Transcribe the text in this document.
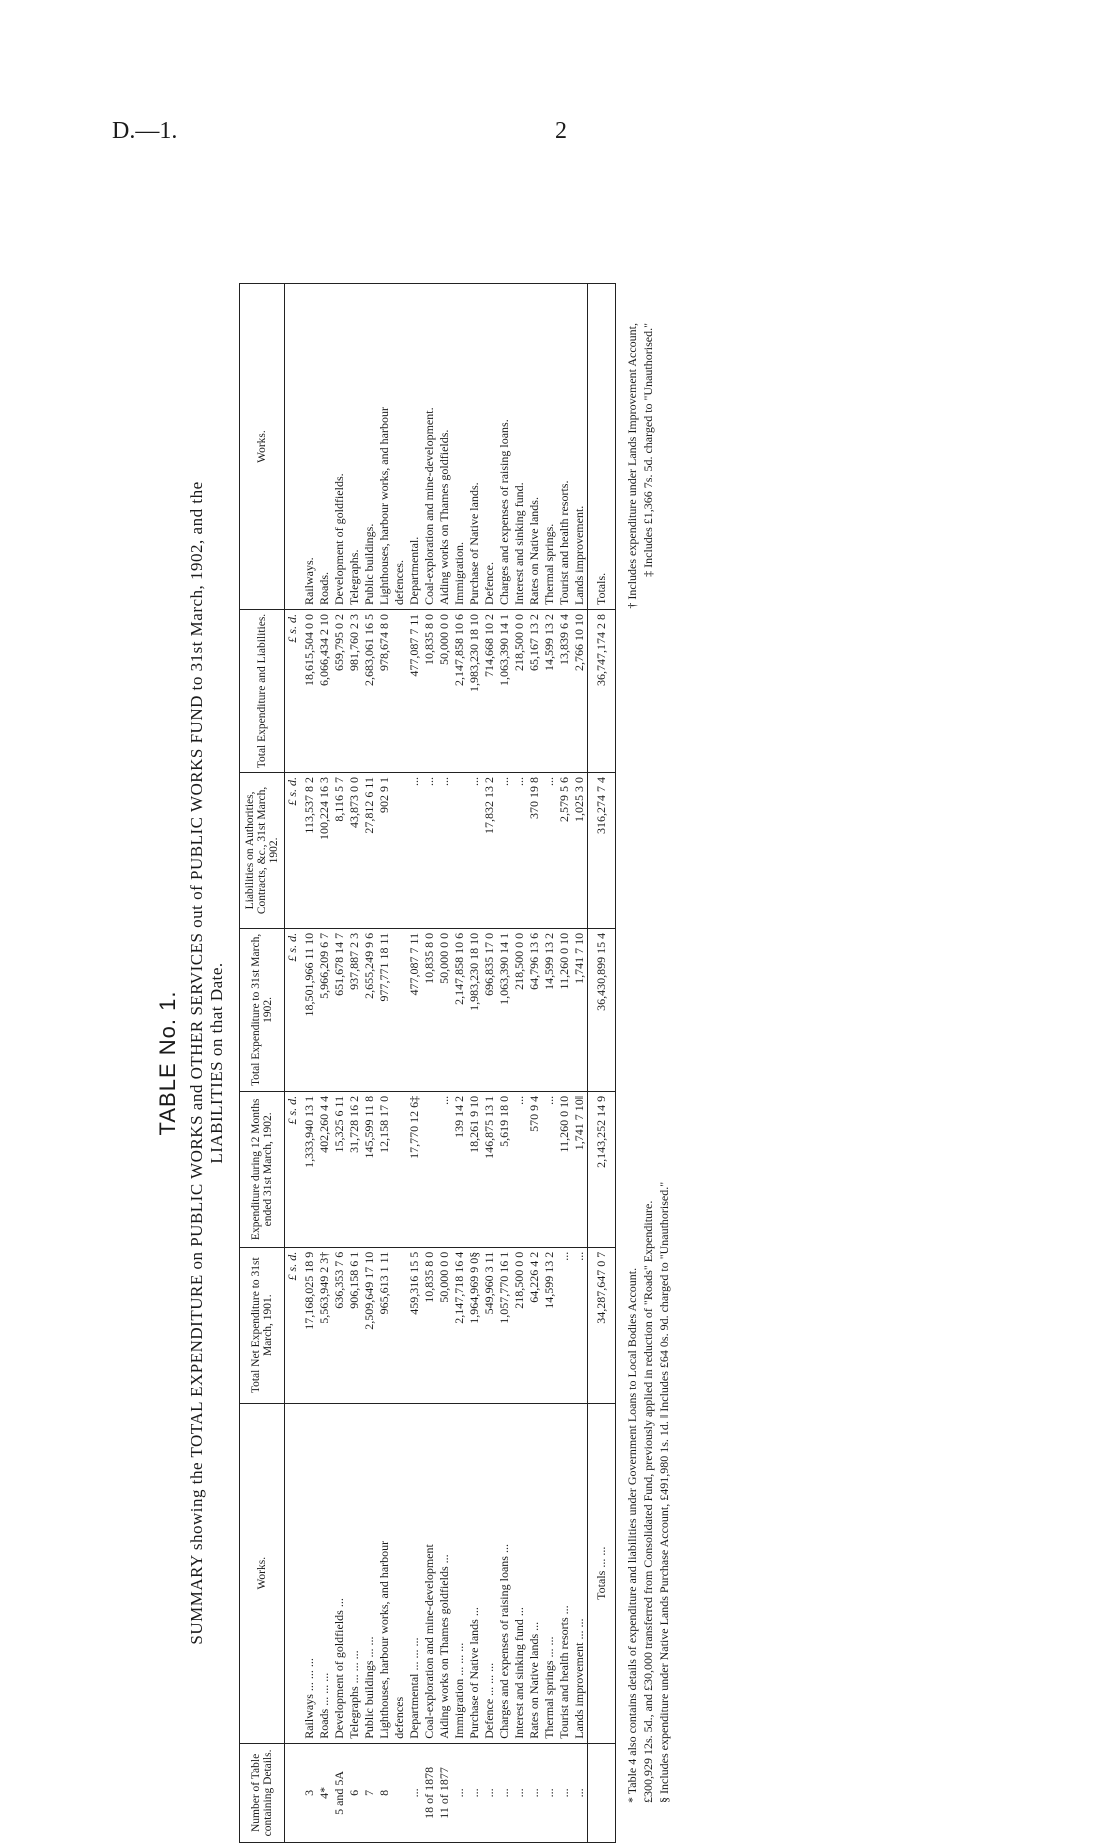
D.—1.	2
TABLE No. 1. SUMMARY showing the TOTAL EXPENDITURE on PUBLIC WORKS and OTHER SERVICES out of PUBLIC WORKS FUND to 31st March, 1902, and the LIABILITIES on that Date.
Number of Table containing Details.	Works.	Total Net Expenditure to 31st March, 1901.	Expenditure during 12 Months ended 31st March, 1902.	Total Expenditure to 31st March, 1902.	Liabilities on Authorities, Contracts, &c., 31st March, 1902.	Total Expenditure and Liabilities.	Works.
		£ s. d.	£ s. d.	£ s. d.	£ s. d.	£ s. d.	
3	Railways ... ... ...	17,168,025 18 9	1,333,940 13 1	18,501,966 11 10	113,537 8 2	18,615,504 0 0	Railways.
4*	Roads ... ... ...	5,563,949 2 3†	402,260 4 4	5,966,209 6 7	100,224 16 3	6,066,434 2 10	Roads.
5 and 5A	Development of goldfields ...	636,353 7 6	15,325 6 11	651,678 14 7	8,116 5 7	659,795 0 2	Development of goldfields.
6	Telegraphs ... ... ...	906,158 6 1	31,728 16 2	937,887 2 3	43,873 0 0	981,760 2 3	Telegraphs.
7	Public buildings ... ...	2,509,649 17 10	145,599 11 8	2,655,249 9 6	27,812 6 11	2,683,061 16 5	Public buildings.
8	Lighthouses, harbour works, and harbour	965,613 1 11	12,158 17 0	977,771 18 11	902 9 1	978,674 8 0	Lighthouses, harbour works, and harbour
	defences						defences.
...	Departmental ... ... ...	459,316 15 5	17,770 12 6‡	477,087 7 11	...	477,087 7 11	Departmental.
18 of 1878	Coal-exploration and mine-development	10,835 8 0		10,835 8 0	...	10,835 8 0	Coal-exploration and mine-development.
11 of 1877	Aiding works on Thames goldfields ...	50,000 0 0	...	50,000 0 0	...	50,000 0 0	Aiding works on Thames goldfields.
...	Immigration ... ... ...	2,147,718 16 4	139 14 2	2,147,858 10 6		2,147,858 10 6	Immigration.
...	Purchase of Native lands ...	1,964,969 9 0§	18,261 9 10	1,983,230 18 10	...	1,983,230 18 10	Purchase of Native lands.
...	Defence ... ... ...	549,960 3 11	146,875 13 1	696,835 17 0	17,832 13 2	714,668 10 2	Defence.
...	Charges and expenses of raising loans ...	1,057,770 16 1	5,619 18 0	1,063,390 14 1	...	1,063,390 14 1	Charges and expenses of raising loans.
...	Interest and sinking fund ...	218,500 0 0	...	218,500 0 0	...	218,500 0 0	Interest and sinking fund.
...	Rates on Native lands ...	64,226 4 2	570 9 4	64,796 13 6	370 19 8	65,167 13 2	Rates on Native lands.
...	Thermal springs ... ...	14,599 13 2	...	14,599 13 2	...	14,599 13 2	Thermal springs.
...	Tourist and health resorts ...	...	11,260 0 10	11,260 0 10	2,579 5 6	13,839 6 4	Tourist and health resorts.
...	Lands improvement ... ...	...	1,741 7 10‖	1,741 7 10	1,025 3 0	2,766 10 10	Lands improvement.
	Totals ... ...	34,287,647 0 7	2,143,252 14 9	36,430,899 15 4	316,274 7 4	36,747,174 2 8	Totals.
* Table 4 also contains details of expenditure and liabilities under Government Loans to Local Bodies Account.
† Includes expenditure under Lands Improvement Account,
£300,929 12s. 5d., and £30,000 transferred from Consolidated Fund, previously applied in reduction of "Roads" Expenditure.
‡ Includes £1,366 7s. 5d. charged to "Unauthorised."
§ Includes expenditure under Native Lands Purchase Account, £491,980 1s. 1d. ‖ Includes £64 0s. 9d. charged to "Unauthorised."
